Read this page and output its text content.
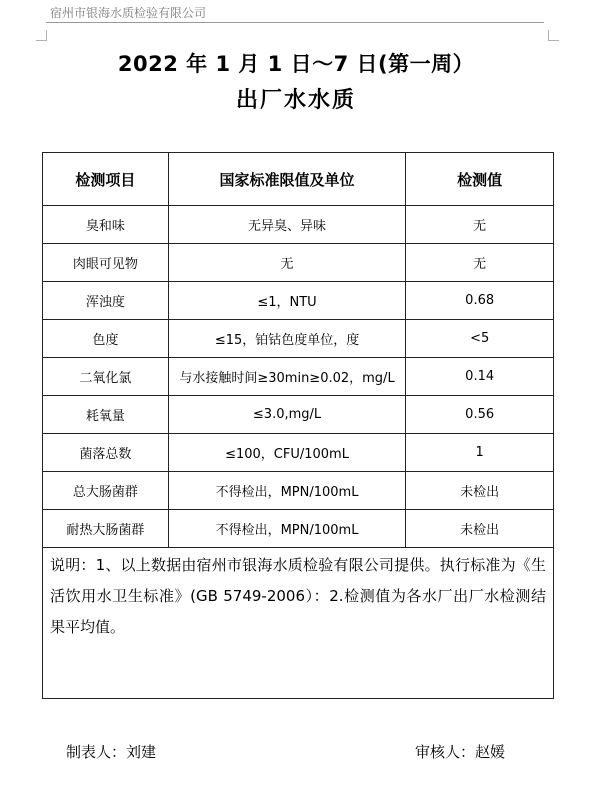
宿州市银海水质检验有限公司
2022 年 1 月 1 日～7 日(第一周）
出厂水水质
检测项目	国家标准限值及单位	检测值
臭和味	无异臭、异味	无
肉眼可见物	无	无
浑浊度	≤1，NTU	0.68
色度	≤15，铂钴色度单位，度	<5
二氧化氯	与水接触时间≥30min≥0.02，mg/L	0.14
耗氧量	≤3.0,mg/L	0.56
菌落总数	≤100，CFU/100mL	1
总大肠菌群	不得检出，MPN/100mL	未检出
耐热大肠菌群	不得检出，MPN/100mL	未检出
说明：1、以上数据由宿州市银海水质检验有限公司提供。执行标准为《生活饮用水卫生标准》(GB 5749-2006）：2.检测值为各水厂出厂水检测结果平均值。
制表人：刘建	审核人：赵媛
